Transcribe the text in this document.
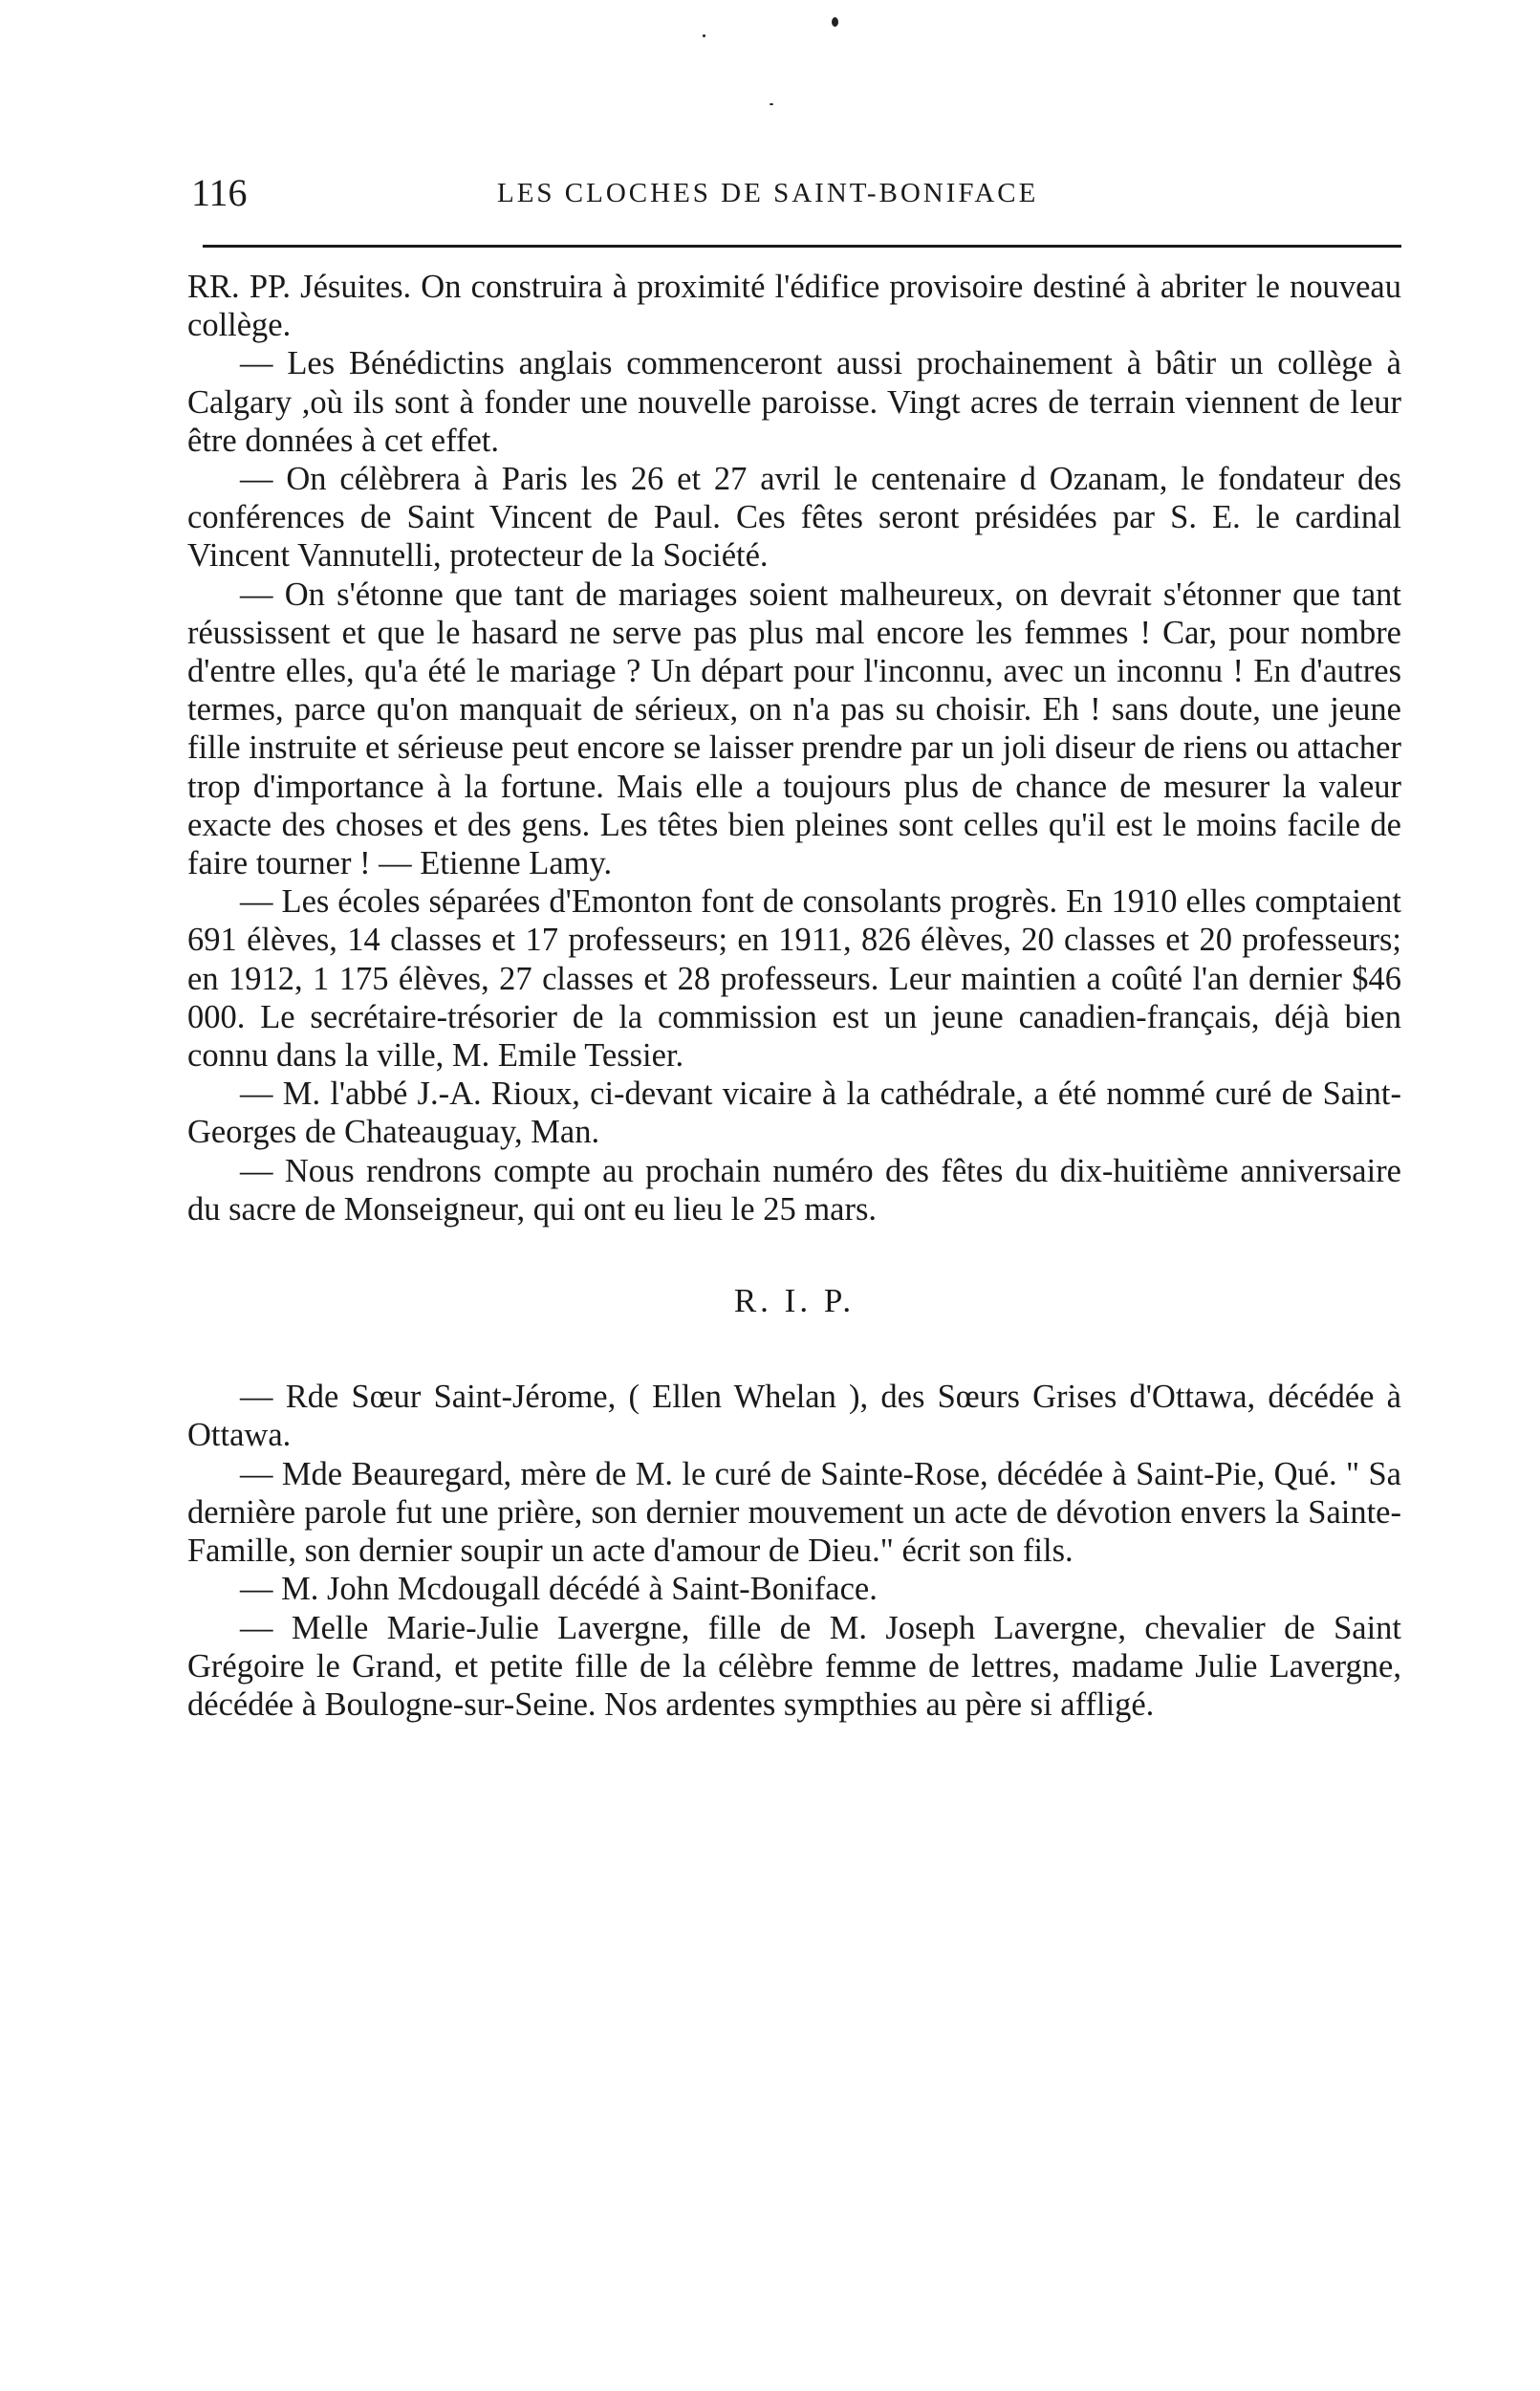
116	LES CLOCHES DE SAINT-BONIFACE

RR. PP. Jésuites. On construira à proximité l'édifice provisoire destiné à abriter le nouveau collège.

— Les Bénédictins anglais commenceront aussi prochainement à bâtir un collège à Calgary ,où ils sont à fonder une nouvelle paroisse. Vingt acres de terrain viennent de leur être données à cet effet.

— On célèbrera à Paris les 26 et 27 avril le centenaire d Ozanam, le fondateur des conférences de Saint Vincent de Paul. Ces fêtes seront présidées par S. E. le cardinal Vincent Vannutelli, protecteur de la Société.

— On s'étonne que tant de mariages soient malheureux, on devrait s'étonner que tant réussissent et que le hasard ne serve pas plus mal encore les femmes ! Car, pour nombre d'entre elles, qu'a été le mariage ? Un départ pour l'inconnu, avec un inconnu ! En d'autres termes, parce qu'on manquait de sérieux, on n'a pas su choisir. Eh ! sans doute, une jeune fille instruite et sérieuse peut encore se laisser prendre par un joli diseur de riens ou attacher trop d'importance à la fortune. Mais elle a toujours plus de chance de mesurer la valeur exacte des choses et des gens. Les têtes bien pleines sont celles qu'il est le moins facile de faire tourner ! — Etienne Lamy.

— Les écoles séparées d'Emonton font de consolants progrès. En 1910 elles comptaient 691 élèves, 14 classes et 17 professeurs; en 1911, 826 élèves, 20 classes et 20 professeurs; en 1912, 1 175 élèves, 27 classes et 28 professeurs. Leur maintien a coûté l'an dernier $46 000. Le secrétaire-trésorier de la commission est un jeune canadien-français, déjà bien connu dans la ville, M. Emile Tessier.

— M. l'abbé J.-A. Rioux, ci-devant vicaire à la cathédrale, a été nommé curé de Saint-Georges de Chateauguay, Man.

— Nous rendrons compte au prochain numéro des fêtes du dix-huitième anniversaire du sacre de Monseigneur, qui ont eu lieu le 25 mars.

R. I. P.

— Rde Sœur Saint-Jérome, ( Ellen Whelan ), des Sœurs Grises d'Ottawa, décédée à Ottawa.

— Mde Beauregard, mère de M. le curé de Sainte-Rose, décédée à Saint-Pie, Qué. " Sa dernière parole fut une prière, son dernier mouvement un acte de dévotion envers la Sainte-Famille, son dernier soupir un acte d'amour de Dieu." écrit son fils.

— M. John Mcdougall décédé à Saint-Boniface.

— Melle Marie-Julie Lavergne, fille de M. Joseph Lavergne, chevalier de Saint Grégoire le Grand, et petite fille de la célèbre femme de lettres, madame Julie Lavergne, décédée à Boulogne-sur-Seine. Nos ardentes sympthies au père si affligé.
